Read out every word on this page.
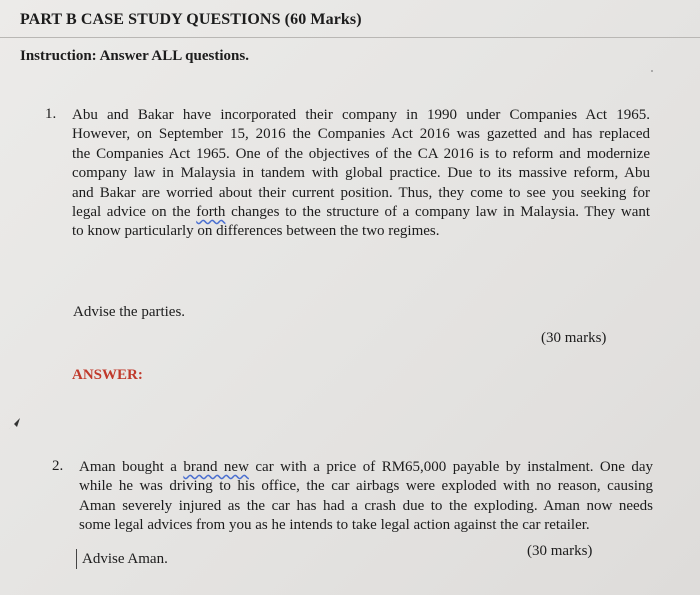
PART B CASE STUDY QUESTIONS (60 Marks)
Instruction: Answer ALL questions.
1. Abu and Bakar have incorporated their company in 1990 under Companies Act 1965.
However, on September 15, 2016 the Companies Act 2016 was gazetted and has replaced
the Companies Act 1965. One of the objectives of the CA 2016 is to reform and modernize
company law in Malaysia in tandem with global practice. Due to its massive reform, Abu
and Bakar are worried about their current position. Thus, they come to see you seeking for
legal advice on the forth changes to the structure of a company law in Malaysia. They want
to know particularly on differences between the two regimes.
Advise the parties.
(30 marks)
ANSWER:
2. Aman bought a brand new car with a price of RM65,000 payable by instalment. One day
while he was driving to his office, the car airbags were exploded with no reason, causing
Aman severely injured as the car has had a crash due to the exploding. Aman now needs
some legal advices from you as he intends to take legal action against the car retailer.
Advise Aman.	(30 marks)
